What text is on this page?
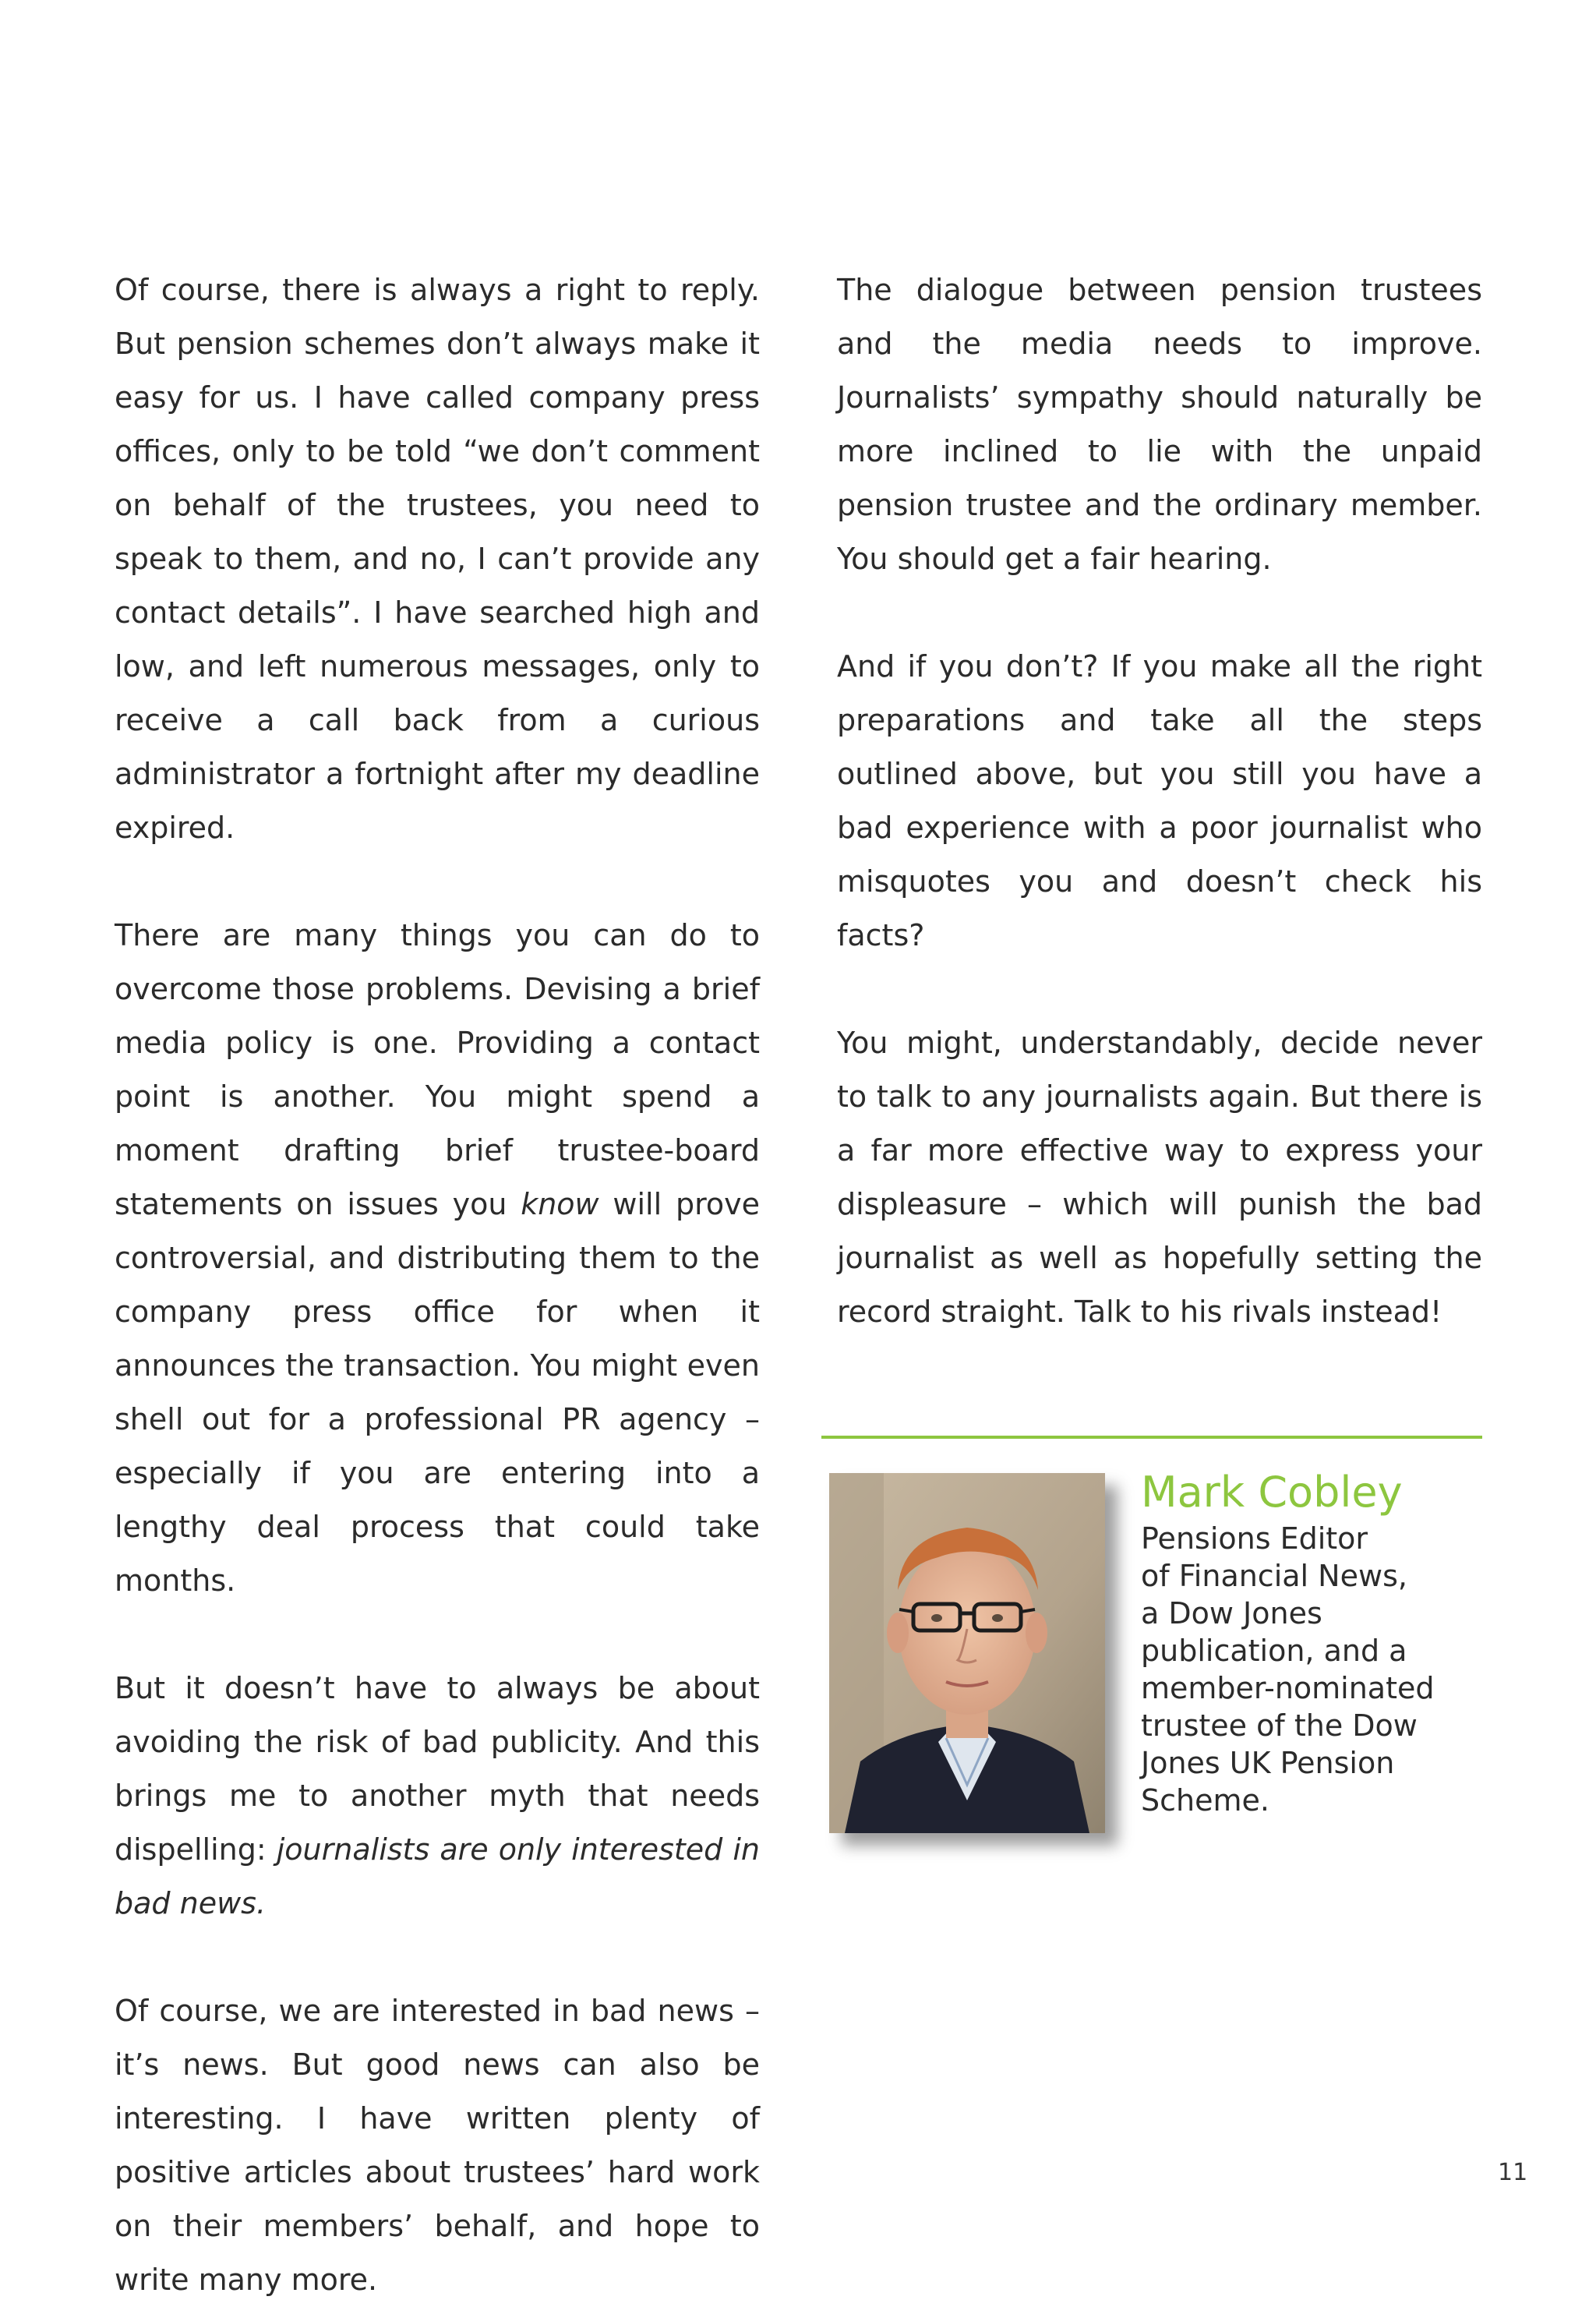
Of course, there is always a right to reply. But pension schemes don’t always make it easy for us. I have called company press offices, only to be told “we don’t comment on behalf of the trustees, you need to speak to them, and no, I can’t provide any contact details”. I have searched high and low, and left numerous messages, only to receive a call back from a curious administrator a fortnight after my deadline expired.

There are many things you can do to overcome those problems. Devising a brief media policy is one. Providing a contact point is another. You might spend a moment drafting brief trustee-board statements on issues you know will prove controversial, and distributing them to the company press office for when it announces the transaction. You might even shell out for a professional PR agency – especially if you are entering into a lengthy deal process that could take months.

But it doesn’t have to always be about avoiding the risk of bad publicity. And this brings me to another myth that needs dispelling: journalists are only interested in bad news.

Of course, we are interested in bad news – it’s news. But good news can also be interesting. I have written plenty of positive articles about trustees’ hard work on their members’ behalf, and hope to write many more.

The dialogue between pension trustees and the media needs to improve. Journalists’ sympathy should naturally be more inclined to lie with the unpaid pension trustee and the ordinary member. You should get a fair hearing.

And if you don’t? If you make all the right preparations and take all the steps outlined above, but you still you have a bad experience with a poor journalist who misquotes you and doesn’t check his facts?

You might, understandably, decide never to talk to any journalists again. But there is a far more effective way to express your displeasure – which will punish the bad journalist as well as hopefully setting the record straight. Talk to his rivals instead!

Mark Cobley
Pensions Editor
of Financial News,
a Dow Jones
publication, and a
member-nominated
trustee of the Dow
Jones UK Pension
Scheme.
11
